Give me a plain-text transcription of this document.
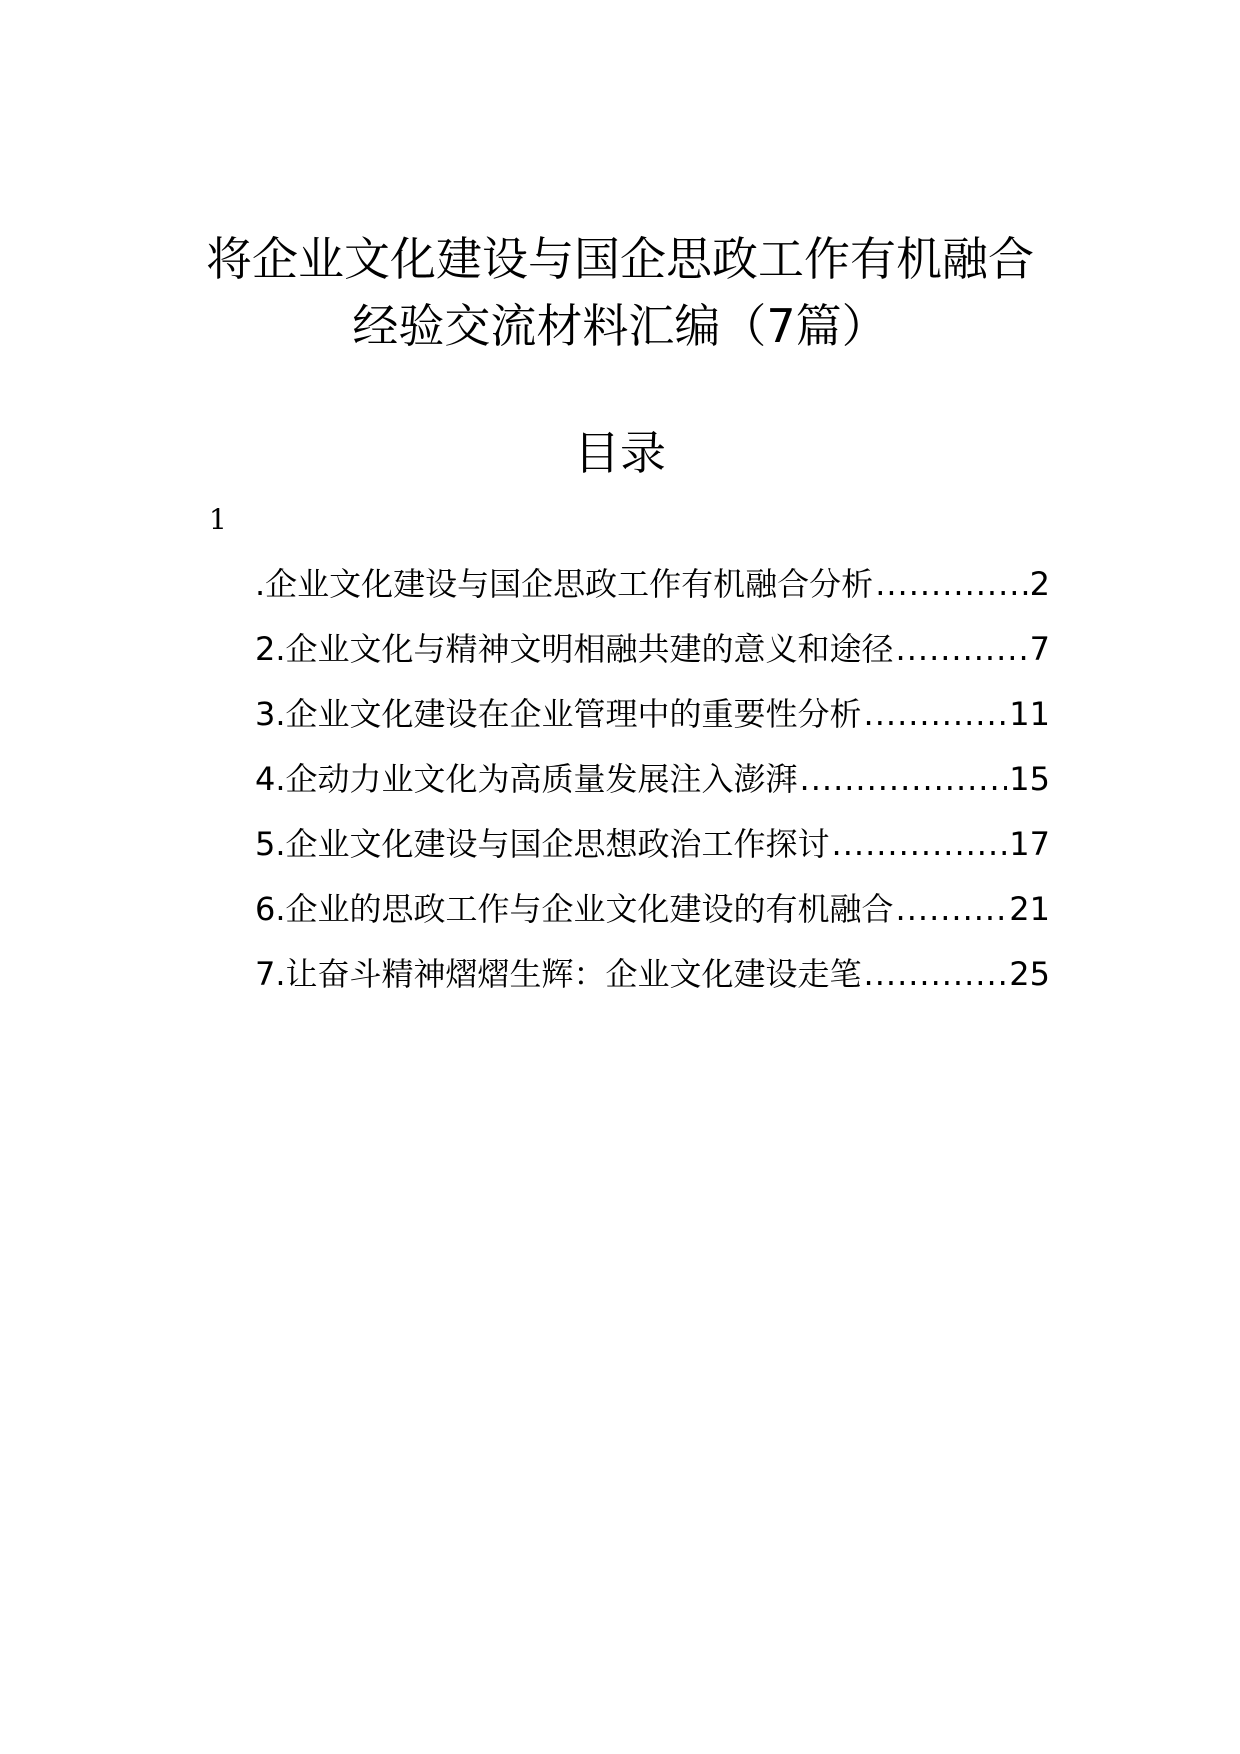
将企业文化建设与国企思政工作有机融合
经验交流材料汇编（7篇）
目录
1
.企业文化建设与国企思政工作有机融合分析 .....	2
2.企业文化与精神文明相融共建的意义和途径 .....	7
3.企业文化建设在企业管理中的重要性分析 .....	11
4.企动力业文化为高质量发展注入澎湃 .....	15
5.企业文化建设与国企思想政治工作探讨 .....	17
6.企业的思政工作与企业文化建设的有机融合 .....	21
7.让奋斗精神熠熠生辉：企业文化建设走笔 .....	25
